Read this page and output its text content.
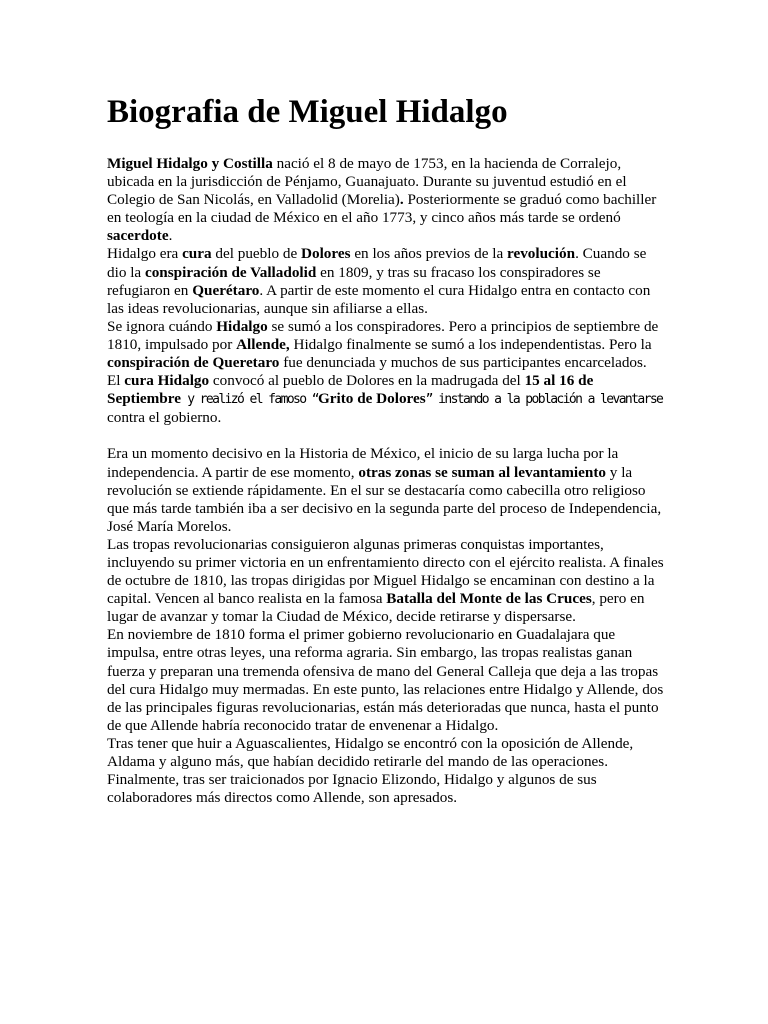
Biografia de Miguel Hidalgo
Miguel Hidalgo y Costilla nació el 8 de mayo de 1753, en la hacienda de Corralejo, ubicada en la jurisdicción de Pénjamo, Guanajuato. Durante su juventud estudió en el Colegio de San Nicolás, en Valladolid (Morelia). Posteriormente se graduó como bachiller en teología en la ciudad de México en el año 1773, y cinco años más tarde se ordenó sacerdote.
Hidalgo era cura del pueblo de Dolores en los años previos de la revolución. Cuando se dio la conspiración de Valladolid en 1809, y tras su fracaso los conspiradores se refugiaron en Querétaro. A partir de este momento el cura Hidalgo entra en contacto con las ideas revolucionarias, aunque sin afiliarse a ellas.
Se ignora cuándo Hidalgo se sumó a los conspiradores. Pero a principios de septiembre de 1810, impulsado por Allende, Hidalgo finalmente se sumó a los independentistas. Pero la conspiración de Queretaro fue denunciada y muchos de sus participantes encarcelados.
El cura Hidalgo convocó al pueblo de Dolores en la madrugada del 15 al 16 de Septiembre y realizó el famoso “Grito de Dolores” instando a la población a levantarse
contra el gobierno.
Era un momento decisivo en la Historia de México, el inicio de su larga lucha por la independencia. A partir de ese momento, otras zonas se suman al levantamiento y la revolución se extiende rápidamente. En el sur se destacaría como cabecilla otro religioso que más tarde también iba a ser decisivo en la segunda parte del proceso de Independencia, José María Morelos.
Las tropas revolucionarias consiguieron algunas primeras conquistas importantes, incluyendo su primer victoria en un enfrentamiento directo con el ejército realista. A finales de octubre de 1810, las tropas dirigidas por Miguel Hidalgo se encaminan con destino a la capital. Vencen al banco realista en la famosa Batalla del Monte de las Cruces, pero en lugar de avanzar y tomar la Ciudad de México, decide retirarse y dispersarse.
En noviembre de 1810 forma el primer gobierno revolucionario en Guadalajara que impulsa, entre otras leyes, una reforma agraria. Sin embargo, las tropas realistas ganan fuerza y preparan una tremenda ofensiva de mano del General Calleja que deja a las tropas del cura Hidalgo muy mermadas. En este punto, las relaciones entre Hidalgo y Allende, dos de las principales figuras revolucionarias, están más deterioradas que nunca, hasta el punto de que Allende habría reconocido tratar de envenenar a Hidalgo.
Tras tener que huir a Aguascalientes, Hidalgo se encontró con la oposición de Allende, Aldama y alguno más, que habían decidido retirarle del mando de las operaciones. Finalmente, tras ser traicionados por Ignacio Elizondo, Hidalgo y algunos de sus colaboradores más directos como Allende, son apresados.
